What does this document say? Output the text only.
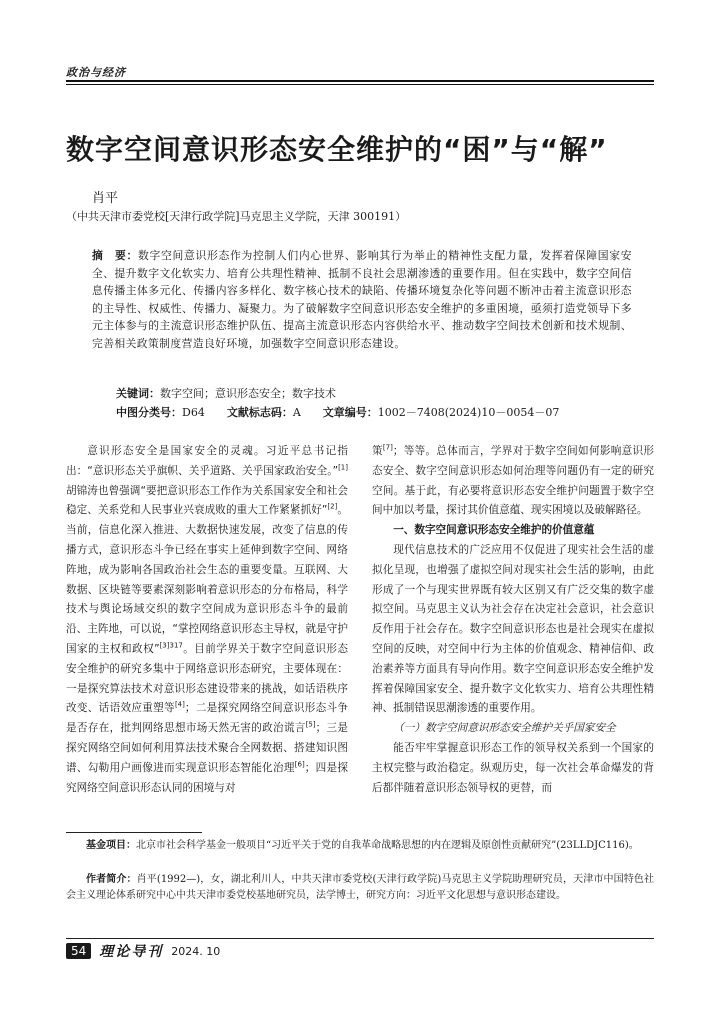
政治与经济
数字空间意识形态安全维护的“困”与“解”
肖平
（中共天津市委党校[天津行政学院]马克思主义学院，天津 300191）
摘　要：数字空间意识形态作为控制人们内心世界、影响其行为举止的精神性支配力量，发挥着保障国家安全、提升数字文化软实力、培育公共理性精神、抵制不良社会思潮渗透的重要作用。但在实践中，数字空间信息传播主体多元化、传播内容多样化、数字核心技术的缺陷、传播环境复杂化等问题不断冲击着主流意识形态的主导性、权威性、传播力、凝聚力。为了破解数字空间意识形态安全维护的多重困境，亟须打造党领导下多元主体参与的主流意识形态维护队伍、提高主流意识形态内容供给水平、推动数字空间技术创新和技术规制、完善相关政策制度营造良好环境，加强数字空间意识形态建设。
关键词：数字空间；意识形态安全；数字技术
中图分类号：D64 文献标志码：A 文章编号：1002－7408(2024)10－0054－07

意识形态安全是国家安全的灵魂。习近平总书记指出：“意识形态关乎旗帜、关乎道路、关乎国家政治安全。”[1]胡锦涛也曾强调“要把意识形态工作作为关系国家安全和社会稳定、关系党和人民事业兴衰成败的重大工作紧紧抓好”[2]。当前，信息化深入推进、大数据快速发展，改变了信息的传播方式，意识形态斗争已经在事实上延伸到数字空间、网络阵地，成为影响各国政治社会生态的重要变量。互联网、大数据、区块链等要素深刻影响着意识形态的分布格局，科学技术与舆论场域交织的数字空间成为意识形态斗争的最前沿、主阵地，可以说，“掌控网络意识形态主导权，就是守护国家的主权和政权”$^{[3]317}$。目前学界关于数字空间意识形态安全维护的研究多集中于网络意识形态研究，主要体现在：一是探究算法技术对意识形态建设带来的挑战，如话语秩序改变、话语效应重塑等[4]；二是探究网络空间意识形态斗争是否存在，批判网络思想市场天然无害的政治谎言[5]；三是探究网络空间如何利用算法技术聚合全网数据、搭建知识图谱、勾勒用户画像进而实现意识形态智能化治理[6]；四是探究网络空间意识形态认同的困境与对

策[7]；等等。总体而言，学界对于数字空间如何影响意识形态安全、数字空间意识形态如何治理等问题仍有一定的研究空间。基于此，有必要将意识形态安全维护问题置于数字空间中加以考量，探讨其价值意蕴、现实困境以及破解路径。

一、数字空间意识形态安全维护的价值意蕴

现代信息技术的广泛应用不仅促进了现实社会生活的虚拟化呈现，也增强了虚拟空间对现实社会生活的影响，由此形成了一个与现实世界既有较大区别又有广泛交集的数字虚拟空间。马克思主义认为社会存在决定社会意识，社会意识反作用于社会存在。数字空间意识形态也是社会现实在虚拟空间的反映，对空间中行为主体的价值观念、精神信仰、政治素养等方面具有导向作用。数字空间意识形态安全维护发挥着保障国家安全、提升数字文化软实力、培育公共理性精神、抵制错误思潮渗透的重要作用。

（一）数字空间意识形态安全维护关乎国家安全

能否牢牢掌握意识形态工作的领导权关系到一个国家的主权完整与政治稳定。纵观历史，每一次社会革命爆发的背后都伴随着意识形态领导权的更替，而

基金项目：北京市社会科学基金一般项目“习近平关于党的自我革命战略思想的内在逻辑及原创性贡献研究”(23LLDJC116)。
作者简介：肖平(1992—)，女，湖北利川人，中共天津市委党校(天津行政学院)马克思主义学院助理研究员，天津市中国特色社会主义理论体系研究中心中共天津市委党校基地研究员，法学博士，研究方向：习近平文化思想与意识形态建设。
54 理论导刊 2024. 10
